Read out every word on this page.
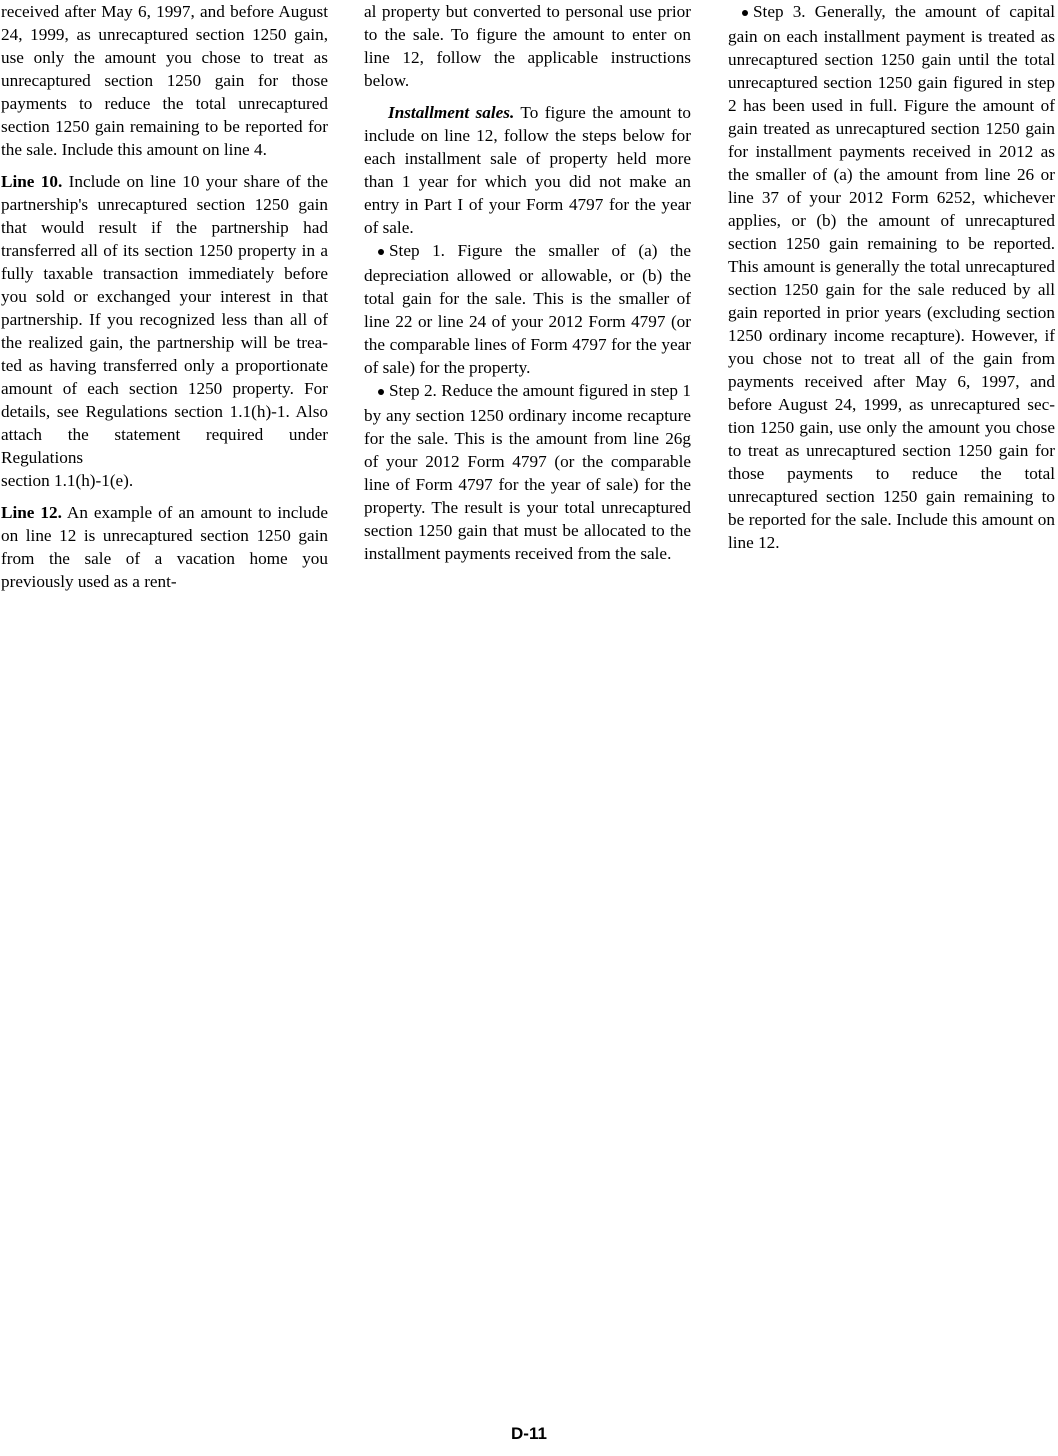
received after May 6, 1997, and before August 24, 1999, as unrecaptured section 1250 gain, use only the amount you chose to treat as unrecaptured section 1250 gain for those payments to reduce the total unrecaptured section 1250 gain remaining to be reported for the sale. Include this amount on line 4.

Line 10. Include on line 10 your share of the partnership's unrecaptured section 1250 gain that would result if the partnership had transferred all of its section 1250 property in a fully taxable transaction immediately before you sold or exchanged your interest in that partnership. If you recognized less than all of the realized gain, the partnership will be treated as having transferred only a proportionate amount of each section 1250 property. For details, see Regulations section 1.1(h)-1. Also attach the statement required under Regulations

section 1.1(h)-1(e).

Line 12. An example of an amount to include on line 12 is unrecaptured section 1250 gain from the sale of a vacation home you previously used as a rent-

al property but converted to personal use prior to the sale. To figure the amount to enter on line 12, follow the applicable instructions below.

Installment sales. To figure the amount to include on line 12, follow the steps below for each installment sale of property held more than 1 year for which you did not make an entry in Part I of your Form 4797 for the year of sale.

Step 1. Figure the smaller of (a) the depreciation allowed or allowable, or (b) the total gain for the sale. This is the smaller of line 22 or line 24 of your 2012 Form 4797 (or the comparable lines of Form 4797 for the year of sale) for the property.

Step 2. Reduce the amount figured in step 1 by any section 1250 ordinary income recapture for the sale. This is the amount from line 26g of your 2012 Form 4797 (or the comparable line of Form 4797 for the year of sale) for the property. The result is your total unrecaptured section 1250 gain that must be allocated to the installment payments received from the sale.

Step 3. Generally, the amount of capital gain on each installment payment is treated as unrecaptured section 1250 gain until the total unrecaptured section 1250 gain figured in step 2 has been used in full. Figure the amount of gain treated as unrecaptured section 1250 gain for installment payments received in 2012 as the smaller of (a) the amount from line 26 or line 37 of your 2012 Form 6252, whichever applies, or (b) the amount of unrecaptured section 1250 gain remaining to be reported. This amount is generally the total unrecaptured section 1250 gain for the sale reduced by all gain reported in prior years (excluding section 1250 ordinary income recapture). However, if you chose not to treat all of the gain from payments received after May 6, 1997, and before August 24, 1999, as unrecaptured section 1250 gain, use only the amount you chose to treat as unrecaptured section 1250 gain for those payments to reduce the total unrecaptured section 1250 gain remaining to be reported for the sale. Include this amount on line 12.

D-11
